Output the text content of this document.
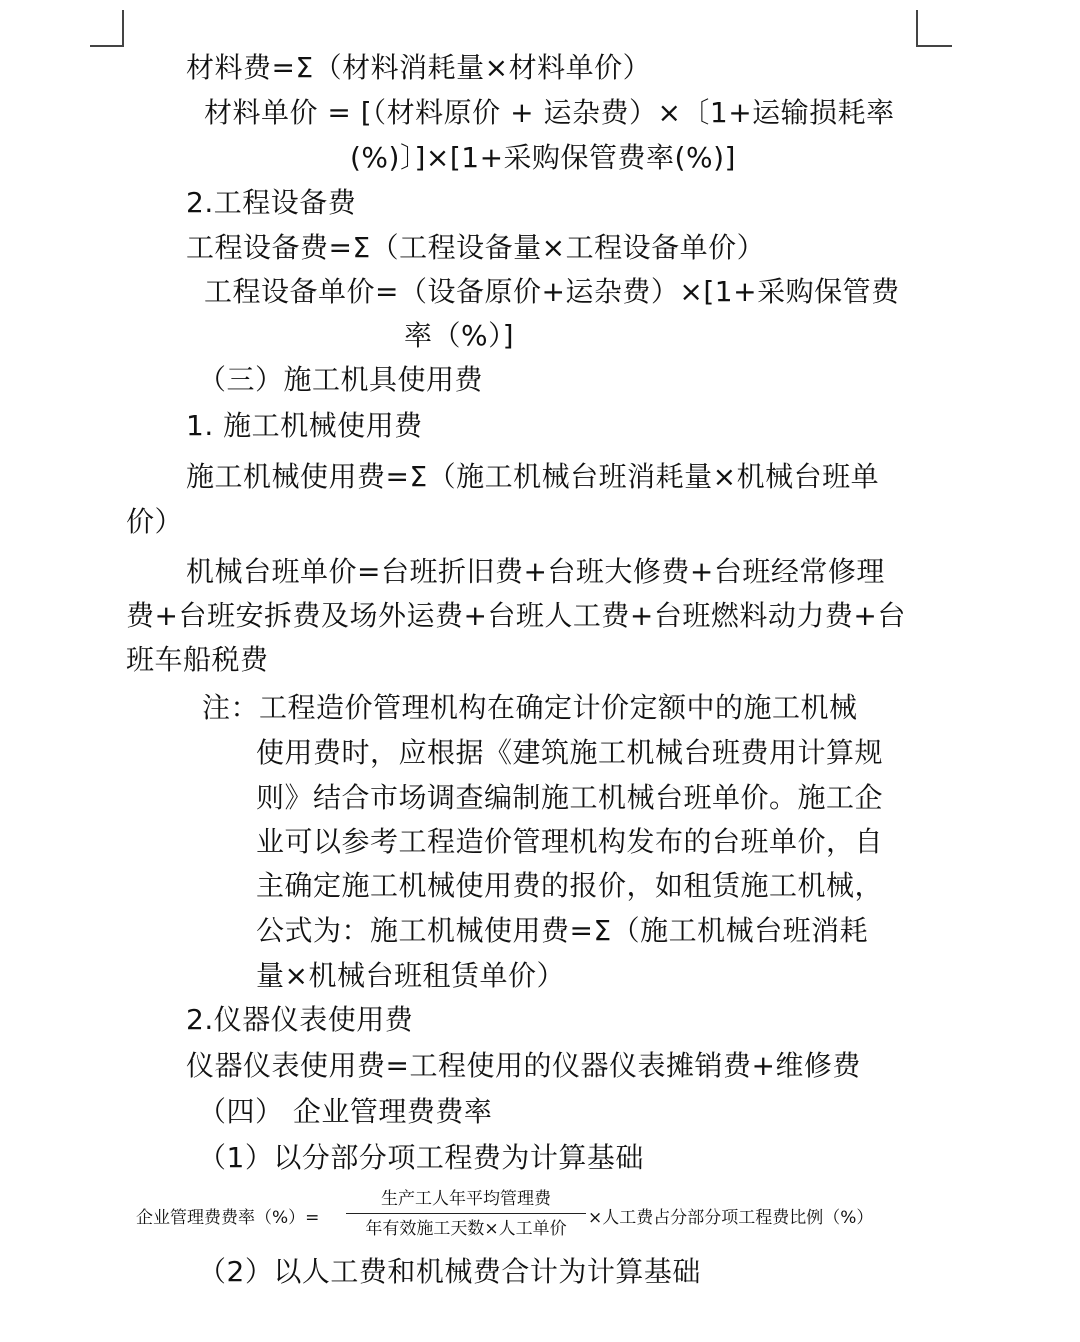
材料费=Σ（材料消耗量×材料单价）
材料单价 = [（材料原价 + 运杂费）×〔1+运输损耗率
(%)〕]×[1+采购保管费率(%)]
2.工程设备费
工程设备费=Σ（工程设备量×工程设备单价）
工程设备单价=（设备原价+运杂费）×[1+采购保管费
率（%）]
（三）施工机具使用费
1. 施工机械使用费
施工机械使用费=Σ（施工机械台班消耗量×机械台班单
价）
机械台班单价=台班折旧费+台班大修费+台班经常修理
费+台班安拆费及场外运费+台班人工费+台班燃料动力费+台
班车船税费
注：工程造价管理机构在确定计价定额中的施工机械
使用费时，应根据《建筑施工机械台班费用计算规
则》结合市场调查编制施工机械台班单价。施工企
业可以参考工程造价管理机构发布的台班单价，自
主确定施工机械使用费的报价，如租赁施工机械，
公式为：施工机械使用费=Σ（施工机械台班消耗
量×机械台班租赁单价）
2.仪器仪表使用费
仪器仪表使用费=工程使用的仪器仪表摊销费+维修费
（四） 企业管理费费率
（1）以分部分项工程费为计算基础
企业管理费费率（%）=
生产工人年平均管理费
年有效施工天数×人工单价
×人工费占分部分项工程费比例（%）
（2）以人工费和机械费合计为计算基础
